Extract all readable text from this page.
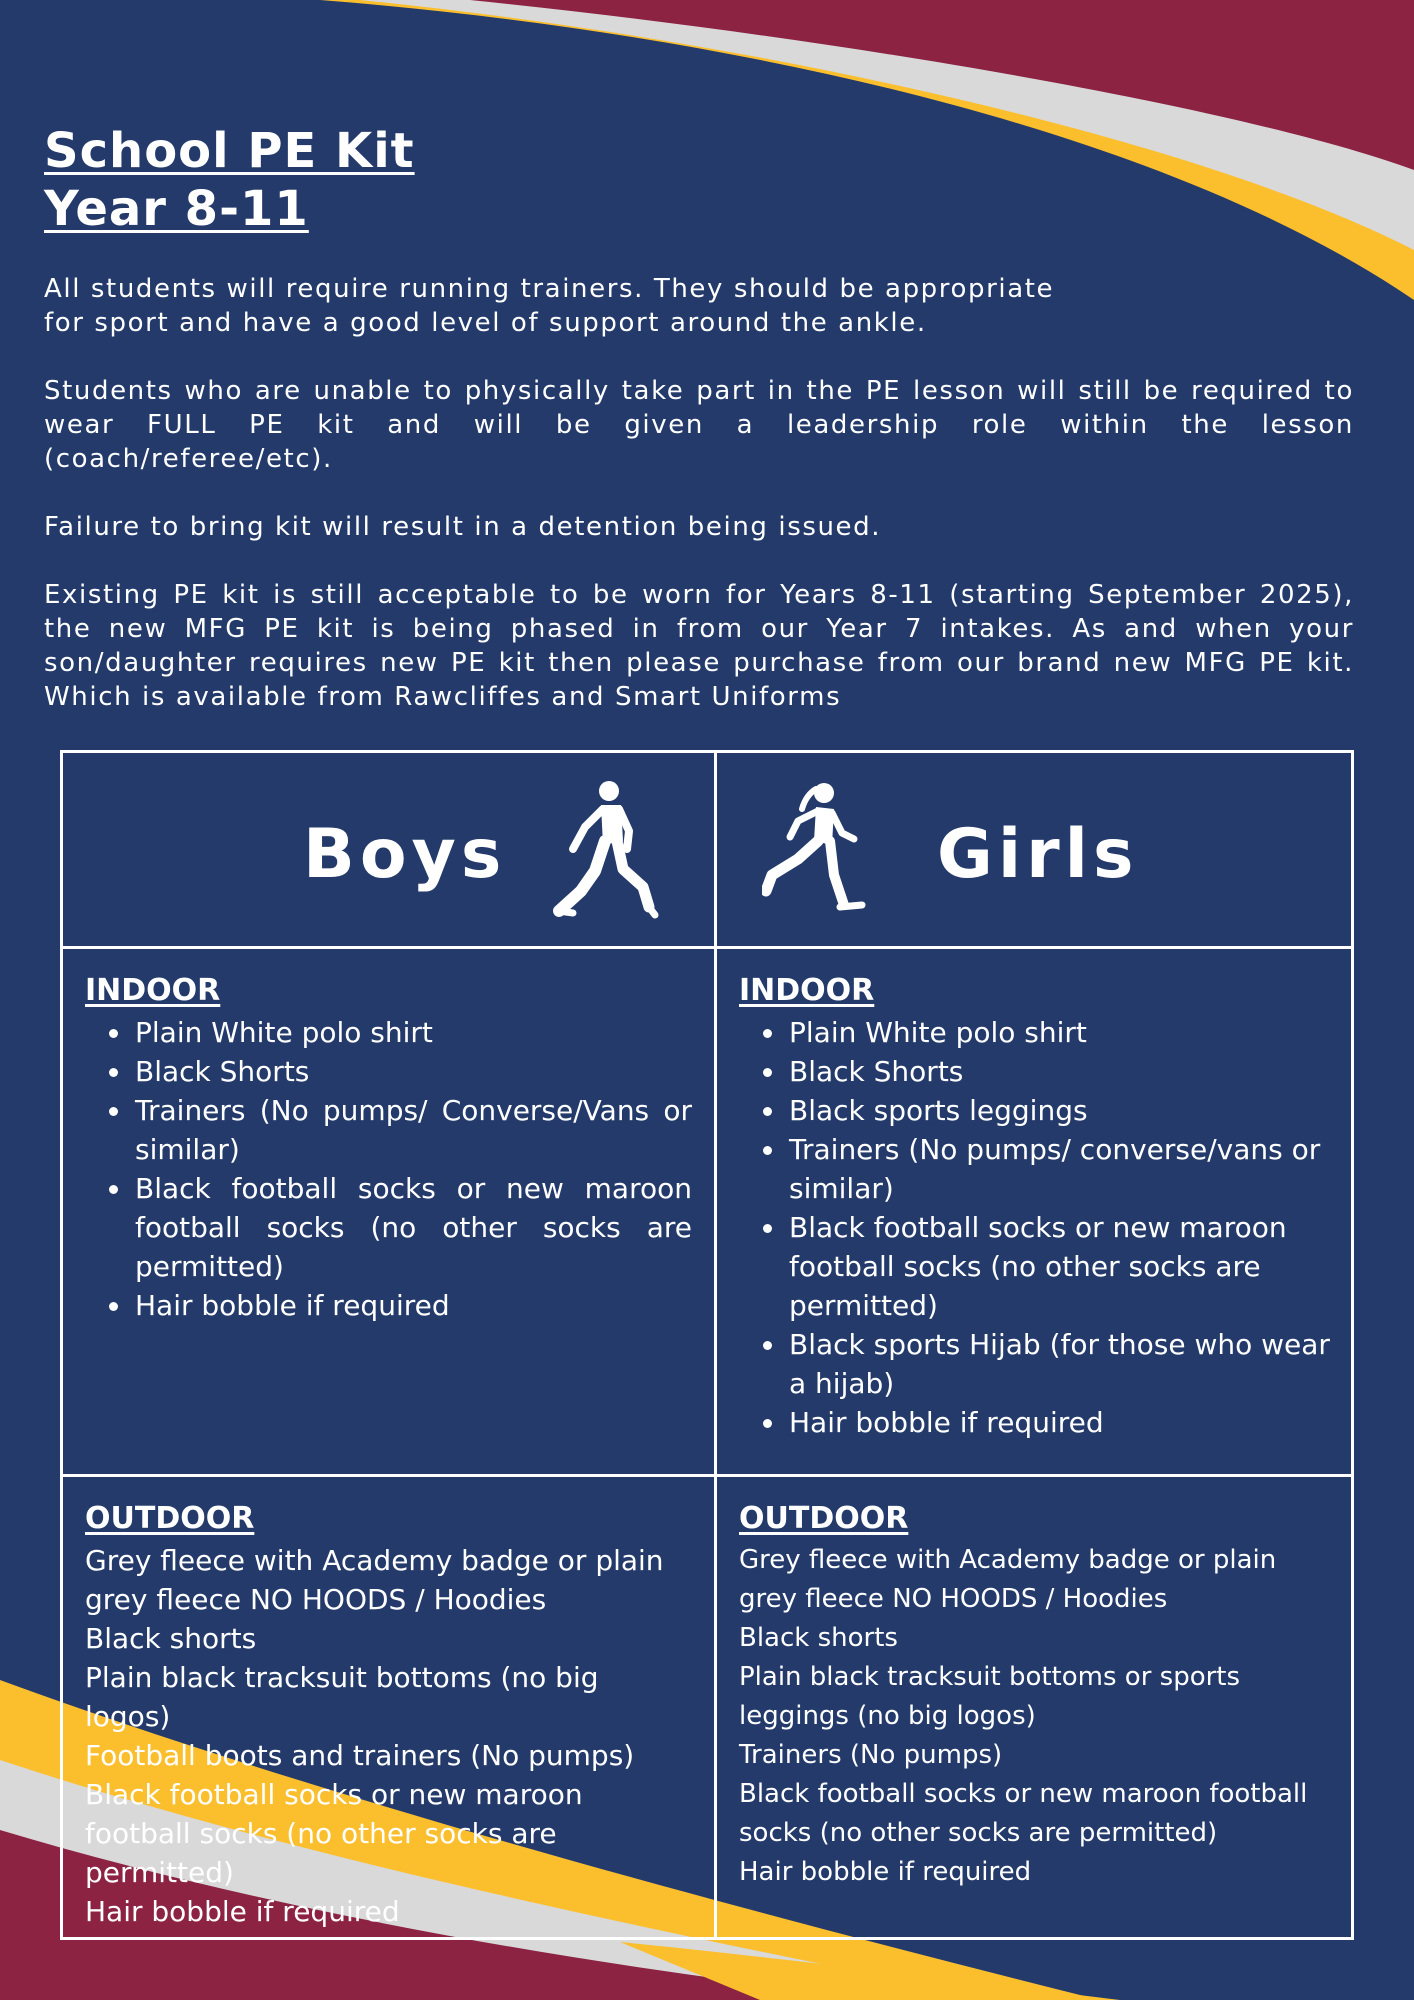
School PE Kit
Year 8-11

All students will require running trainers. They should be appropriate
for sport and have a good level of support around the ankle.

Students who are unable to physically take part in the PE lesson will still be required to wear FULL PE kit and will be given a leadership role within the lesson (coach/referee/etc).

Failure to bring kit will result in a detention being issued.

Existing PE kit is still acceptable to be worn for Years 8-11 (starting September 2025), the new MFG PE kit is being phased in from our Year 7 intakes. As and when your son/daughter requires new PE kit then please purchase from our brand new MFG PE kit. Which is available from Rawcliffes and Smart Uniforms

Boys	Girls
INDOOR
• Plain White polo shirt
• Black Shorts
• Trainers (No pumps/ Converse/Vans or similar)
• Black football socks or new maroon football socks (no other socks are permitted)
• Hair bobble if required
INDOOR
• Plain White polo shirt
• Black Shorts
• Black sports leggings
• Trainers (No pumps/ converse/vans or similar)
• Black football socks or new maroon football socks (no other socks are permitted)
• Black sports Hijab (for those who wear a hijab)
• Hair bobble if required
OUTDOOR
Grey fleece with Academy badge or plain grey fleece NO HOODS / Hoodies
Black shorts
Plain black tracksuit bottoms (no big logos)
Football boots and trainers (No pumps)
Black football socks or new maroon football socks (no other socks are permitted)
Hair bobble if required
OUTDOOR
Grey fleece with Academy badge or plain grey fleece NO HOODS / Hoodies
Black shorts
Plain black tracksuit bottoms or sports leggings (no big logos)
Trainers (No pumps)
Black football socks or new maroon football socks (no other socks are permitted)
Hair bobble if required
